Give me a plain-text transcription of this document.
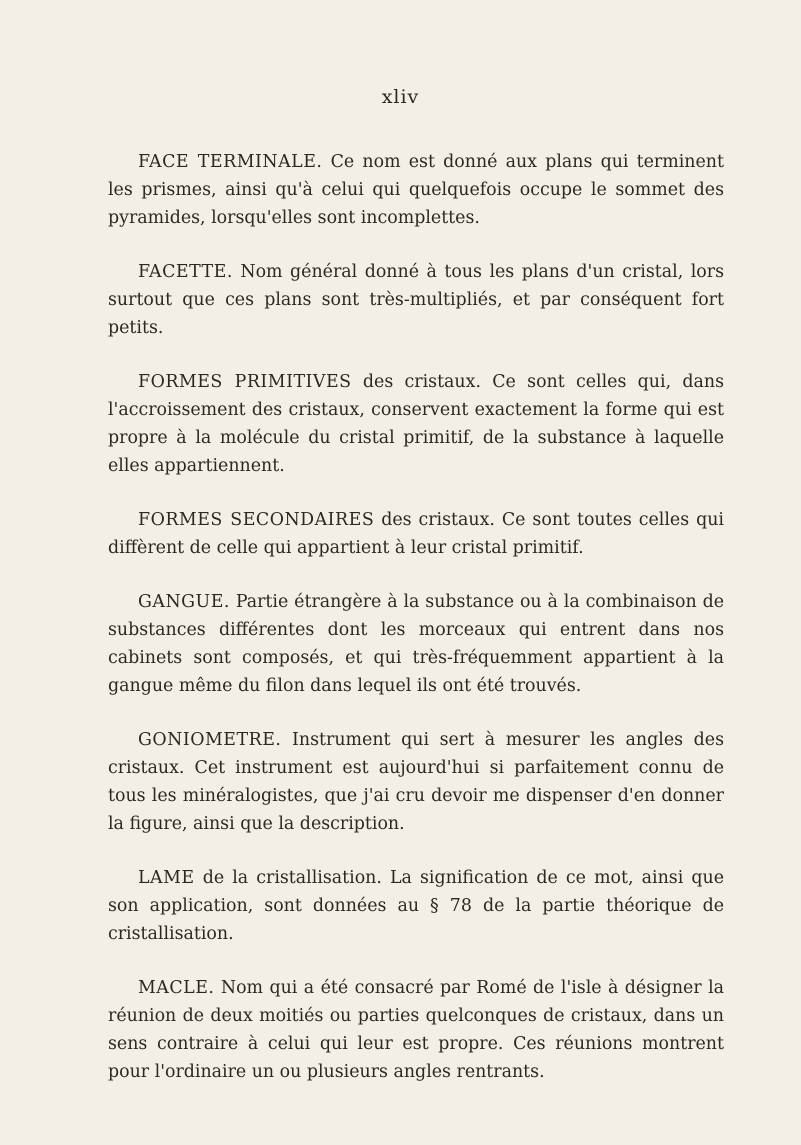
xliv

FACE TERMINALE. Ce nom est donné aux plans qui terminent les prismes, ainsi qu'à celui qui quelquefois occupe le sommet des pyramides, lorsqu'elles sont incomplettes.

FACETTE. Nom général donné à tous les plans d'un cristal, lors surtout que ces plans sont très-multipliés, et par conséquent fort petits.

FORMES PRIMITIVES des cristaux. Ce sont celles qui, dans l'accroissement des cristaux, conservent exactement la forme qui est propre à la molécule du cristal primitif, de la substance à laquelle elles appartiennent.

FORMES SECONDAIRES des cristaux. Ce sont toutes celles qui diffèrent de celle qui appartient à leur cristal primitif.

GANGUE. Partie étrangère à la substance ou à la combinaison de substances différentes dont les morceaux qui entrent dans nos cabinets sont composés, et qui très-fréquemment appartient à la gangue même du filon dans lequel ils ont été trouvés.

GONIOMETRE. Instrument qui sert à mesurer les angles des cristaux. Cet instrument est aujourd'hui si parfaitement connu de tous les minéralogistes, que j'ai cru devoir me dispenser d'en donner la figure, ainsi que la description.

LAME de la cristallisation. La signification de ce mot, ainsi que son application, sont données au § 78 de la partie théorique de cristallisation.

MACLE. Nom qui a été consacré par Romé de l'isle à désigner la réunion de deux moitiés ou parties quelconques de cristaux, dans un sens contraire à celui qui leur est propre. Ces réunions montrent pour l'ordinaire un ou plusieurs angles rentrants.
